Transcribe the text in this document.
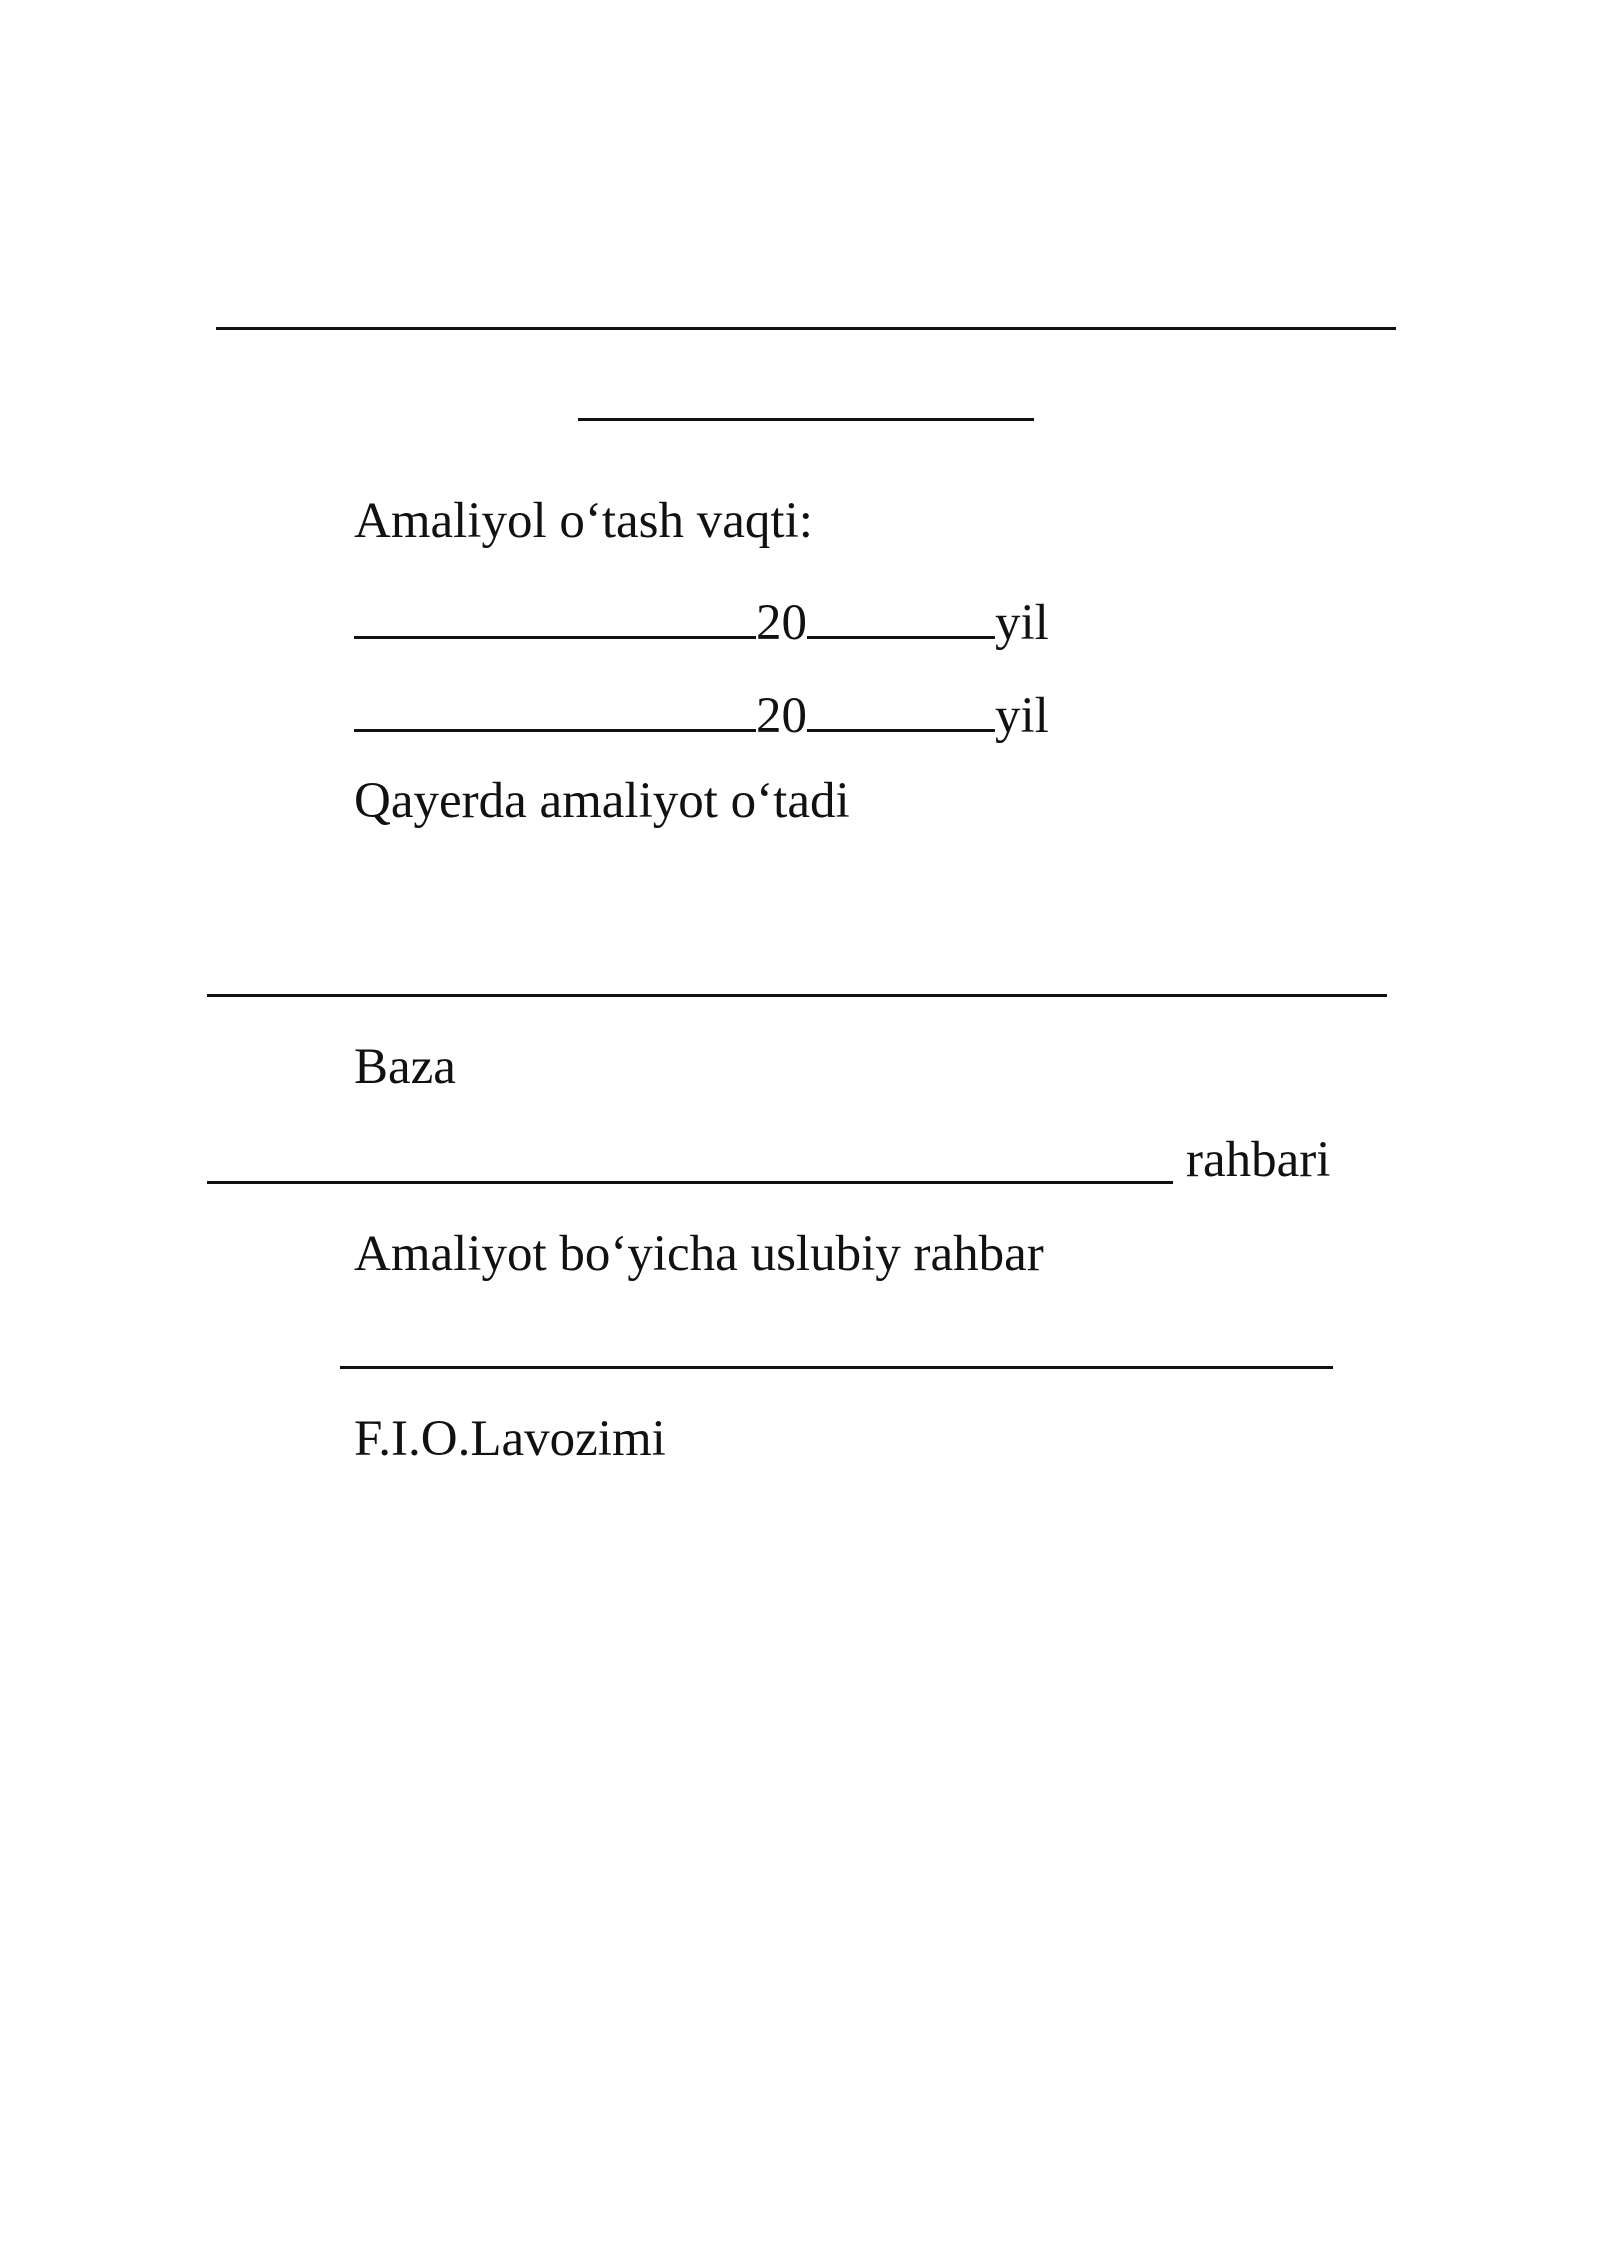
Amaliyol o‘tash vaqti:
20	yil
20	yil
Qayerda amaliyot o‘tadi
Baza
rahbari
Amaliyot bo‘yicha uslubiy rahbar
F.I.O.Lavozimi
